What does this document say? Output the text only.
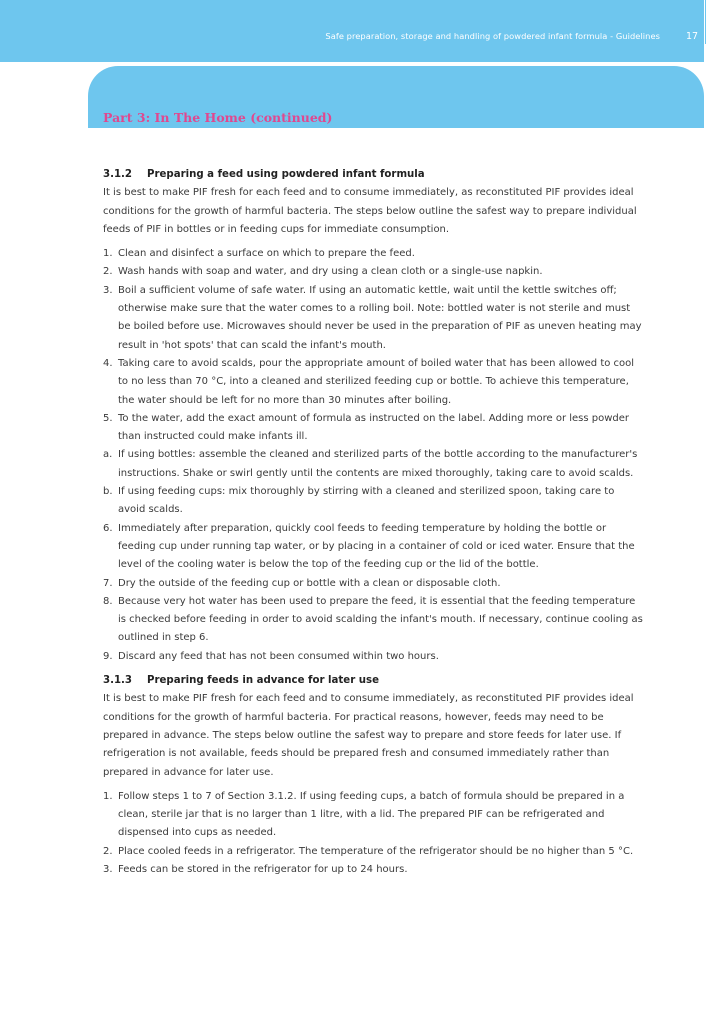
Safe preparation, storage and handling of powdered infant formula - Guidelines	17
Part 3: In The Home (continued)

3.1.2 Preparing a feed using powdered infant formula

It is best to make PIF fresh for each feed and to consume immediately, as reconstituted PIF provides ideal conditions for the growth of harmful bacteria. The steps below outline the safest way to prepare individual feeds of PIF in bottles or in feeding cups for immediate consumption.

1. Clean and disinfect a surface on which to prepare the feed.
2. Wash hands with soap and water, and dry using a clean cloth or a single-use napkin.
3. Boil a sufficient volume of safe water. If using an automatic kettle, wait until the kettle switches off; otherwise make sure that the water comes to a rolling boil. Note: bottled water is not sterile and must be boiled before use. Microwaves should never be used in the preparation of PIF as uneven heating may result in 'hot spots' that can scald the infant's mouth.
4. Taking care to avoid scalds, pour the appropriate amount of boiled water that has been allowed to cool to no less than 70 °C, into a cleaned and sterilized feeding cup or bottle. To achieve this temperature, the water should be left for no more than 30 minutes after boiling.
5. To the water, add the exact amount of formula as instructed on the label. Adding more or less powder than instructed could make infants ill.
a. If using bottles: assemble the cleaned and sterilized parts of the bottle according to the manufacturer's instructions. Shake or swirl gently until the contents are mixed thoroughly, taking care to avoid scalds.
b. If using feeding cups: mix thoroughly by stirring with a cleaned and sterilized spoon, taking care to avoid scalds.
6. Immediately after preparation, quickly cool feeds to feeding temperature by holding the bottle or feeding cup under running tap water, or by placing in a container of cold or iced water. Ensure that the level of the cooling water is below the top of the feeding cup or the lid of the bottle.
7. Dry the outside of the feeding cup or bottle with a clean or disposable cloth.
8. Because very hot water has been used to prepare the feed, it is essential that the feeding temperature is checked before feeding in order to avoid scalding the infant's mouth. If necessary, continue cooling as outlined in step 6.
9. Discard any feed that has not been consumed within two hours.

3.1.3 Preparing feeds in advance for later use

It is best to make PIF fresh for each feed and to consume immediately, as reconstituted PIF provides ideal conditions for the growth of harmful bacteria. For practical reasons, however, feeds may need to be prepared in advance. The steps below outline the safest way to prepare and store feeds for later use. If refrigeration is not available, feeds should be prepared fresh and consumed immediately rather than prepared in advance for later use.

1. Follow steps 1 to 7 of Section 3.1.2. If using feeding cups, a batch of formula should be prepared in a clean, sterile jar that is no larger than 1 litre, with a lid. The prepared PIF can be refrigerated and dispensed into cups as needed.
2. Place cooled feeds in a refrigerator. The temperature of the refrigerator should be no higher than 5 °C.
3. Feeds can be stored in the refrigerator for up to 24 hours.
